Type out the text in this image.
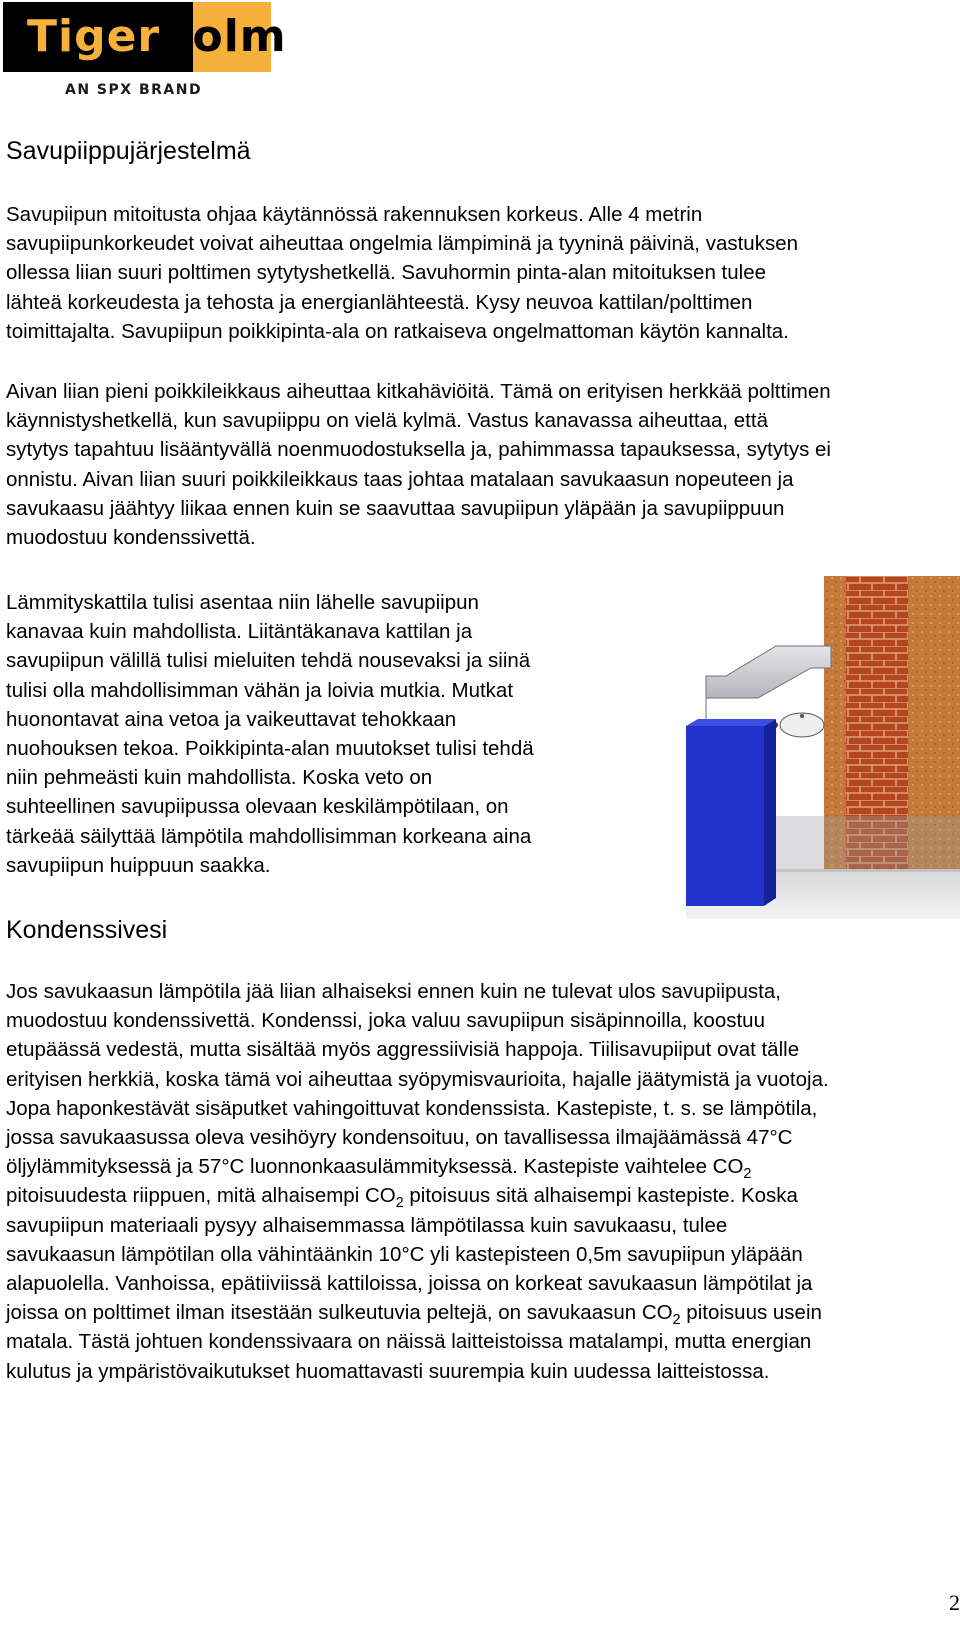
Tigerholm
AN SPX BRAND
Savupiippujärjestelmä
Savupiipun mitoitusta ohjaa käytännössä rakennuksen korkeus. Alle 4 metrin
savupiipunkorkeudet voivat aiheuttaa ongelmia lämpiminä ja tyyninä päivinä, vastuksen
ollessa liian suuri polttimen sytytyshetkellä. Savuhormin pinta-alan mitoituksen tulee
lähteä korkeudesta ja tehosta ja energianlähteestä. Kysy neuvoa kattilan/polttimen
toimittajalta. Savupiipun poikkipinta-ala on ratkaiseva ongelmattoman käytön kannalta.
Aivan liian pieni poikkileikkaus aiheuttaa kitkahäviöitä. Tämä on erityisen herkkää polttimen
käynnistyshetkellä, kun savupiippu on vielä kylmä. Vastus kanavassa aiheuttaa, että
sytytys tapahtuu lisääntyvällä noenmuodostuksella ja, pahimmassa tapauksessa, sytytys ei
onnistu. Aivan liian suuri poikkileikkaus taas johtaa matalaan savukaasun nopeuteen ja
savukaasu jäähtyy liikaa ennen kuin se saavuttaa savupiipun yläpään ja savupiippuun
muodostuu kondenssivettä.
Lämmityskattila tulisi asentaa niin lähelle savupiipun
kanavaa kuin mahdollista. Liitäntäkanava kattilan ja
savupiipun välillä tulisi mieluiten tehdä nousevaksi ja siinä
tulisi olla mahdollisimman vähän ja loivia mutkia. Mutkat
huonontavat aina vetoa ja vaikeuttavat tehokkaan
nuohouksen tekoa. Poikkipinta-alan muutokset tulisi tehdä
niin pehmeästi kuin mahdollista. Koska veto on
suhteellinen savupiipussa olevaan keskilämpötilaan, on
tärkeää säilyttää lämpötila mahdollisimman korkeana aina
savupiipun huippuun saakka.
Kondenssivesi
Jos savukaasun lämpötila jää liian alhaiseksi ennen kuin ne tulevat ulos savupiipusta,
muodostuu kondenssivettä. Kondenssi, joka valuu savupiipun sisäpinnoilla, koostuu
etupäässä vedestä, mutta sisältää myös aggressiivisiä happoja. Tiilisavupiiput ovat tälle
erityisen herkkiä, koska tämä voi aiheuttaa syöpymisvaurioita, hajalle jäätymistä ja vuotoja.
Jopa haponkestävät sisäputket vahingoittuvat kondenssista. Kastepiste, t. s. se lämpötila,
jossa savukaasussa oleva vesihöyry kondensoituu, on tavallisessa ilmajäämässä 47°C
öljylämmityksessä ja 57°C luonnonkaasulämmityksessä. Kastepiste vaihtelee $CO_2$
pitoisuudesta riippuen, mitä alhaisempi $CO_2$ pitoisuus sitä alhaisempi kastepiste. Koska
savupiipun materiaali pysyy alhaisemmassa lämpötilassa kuin savukaasu, tulee
savukaasun lämpötilan olla vähintäänkin 10°C yli kastepisteen 0,5m savupiipun yläpään
alapuolella. Vanhoissa, epätiiviissä kattiloissa, joissa on korkeat savukaasun lämpötilat ja
joissa on polttimet ilman itsestään sulkeutuvia peltejä, on savukaasun $CO_2$ pitoisuus usein
matala. Tästä johtuen kondenssivaara on näissä laitteistoissa matalampi, mutta energian
kulutus ja ympäristövaikutukset huomattavasti suurempia kuin uudessa laitteistossa.
2
